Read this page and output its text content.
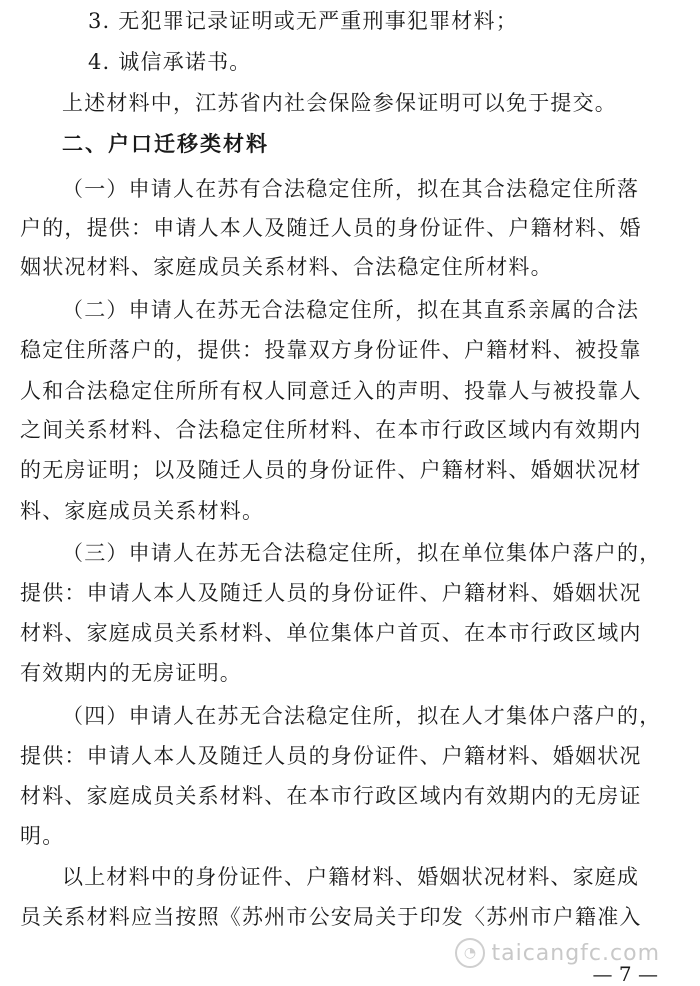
3. 无犯罪记录证明或无严重刑事犯罪材料；
4. 诚信承诺书。
上述材料中，江苏省内社会保险参保证明可以免于提交。
二、户口迁移类材料
（一）申请人在苏有合法稳定住所，拟在其合法稳定住所落
户的，提供：申请人本人及随迁人员的身份证件、户籍材料、婚
姻状况材料、家庭成员关系材料、合法稳定住所材料。
（二）申请人在苏无合法稳定住所，拟在其直系亲属的合法
稳定住所落户的，提供：投靠双方身份证件、户籍材料、被投靠
人和合法稳定住所所有权人同意迁入的声明、投靠人与被投靠人
之间关系材料、合法稳定住所材料、在本市行政区域内有效期内
的无房证明；以及随迁人员的身份证件、户籍材料、婚姻状况材
料、家庭成员关系材料。
（三）申请人在苏无合法稳定住所，拟在单位集体户落户的，
提供：申请人本人及随迁人员的身份证件、户籍材料、婚姻状况
材料、家庭成员关系材料、单位集体户首页、在本市行政区域内
有效期内的无房证明。
（四）申请人在苏无合法稳定住所，拟在人才集体户落户的，
提供：申请人本人及随迁人员的身份证件、户籍材料、婚姻状况
材料、家庭成员关系材料、在本市行政区域内有效期内的无房证
明。
以上材料中的身份证件、户籍材料、婚姻状况材料、家庭成
员关系材料应当按照《苏州市公安局关于印发〈苏州市户籍准入
◔ taicangfc.com
— 7 —
